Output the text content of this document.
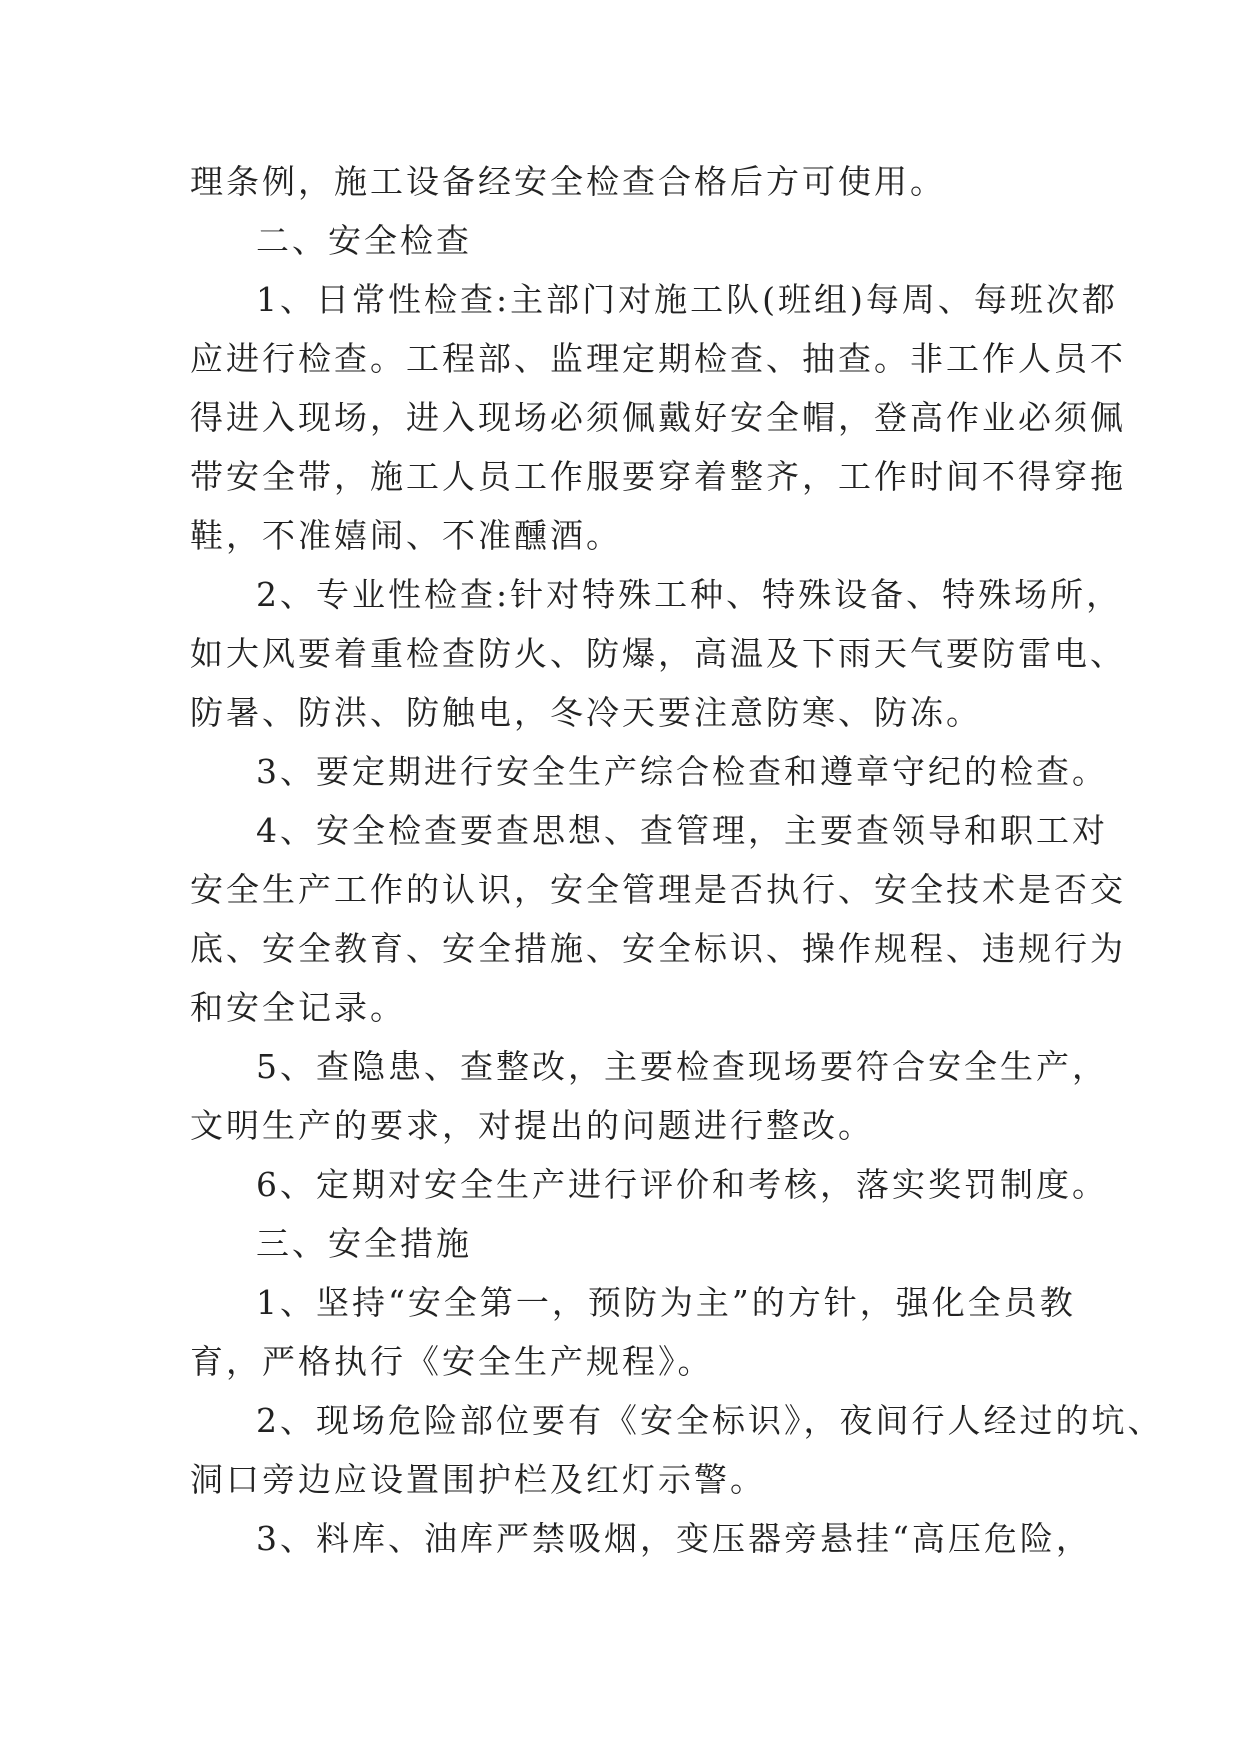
理条例，施工设备经安全检查合格后方可使用。
二、安全检查
1、日常性检查:主部门对施工队(班组)每周、每班次都
应进行检查。工程部、监理定期检查、抽查。非工作人员不
得进入现场，进入现场必须佩戴好安全帽，登高作业必须佩
带安全带，施工人员工作服要穿着整齐，工作时间不得穿拖
鞋，不准嬉闹、不准醺酒。
2、专业性检查:针对特殊工种、特殊设备、特殊场所，
如大风要着重检查防火、防爆，高温及下雨天气要防雷电、
防暑、防洪、防触电，冬冷天要注意防寒、防冻。
3、要定期进行安全生产综合检查和遵章守纪的检查。
4、安全检查要查思想、查管理，主要查领导和职工对
安全生产工作的认识，安全管理是否执行、安全技术是否交
底、安全教育、安全措施、安全标识、操作规程、违规行为
和安全记录。
5、查隐患、查整改，主要检查现场要符合安全生产，
文明生产的要求，对提出的问题进行整改。
6、定期对安全生产进行评价和考核，落实奖罚制度。
三、安全措施
1、坚持“安全第一，预防为主”的方针，强化全员教
育，严格执行《安全生产规程》。
2、现场危险部位要有《安全标识》，夜间行人经过的坑、
洞口旁边应设置围护栏及红灯示警。
3、料库、油库严禁吸烟，变压器旁悬挂“高压危险，
